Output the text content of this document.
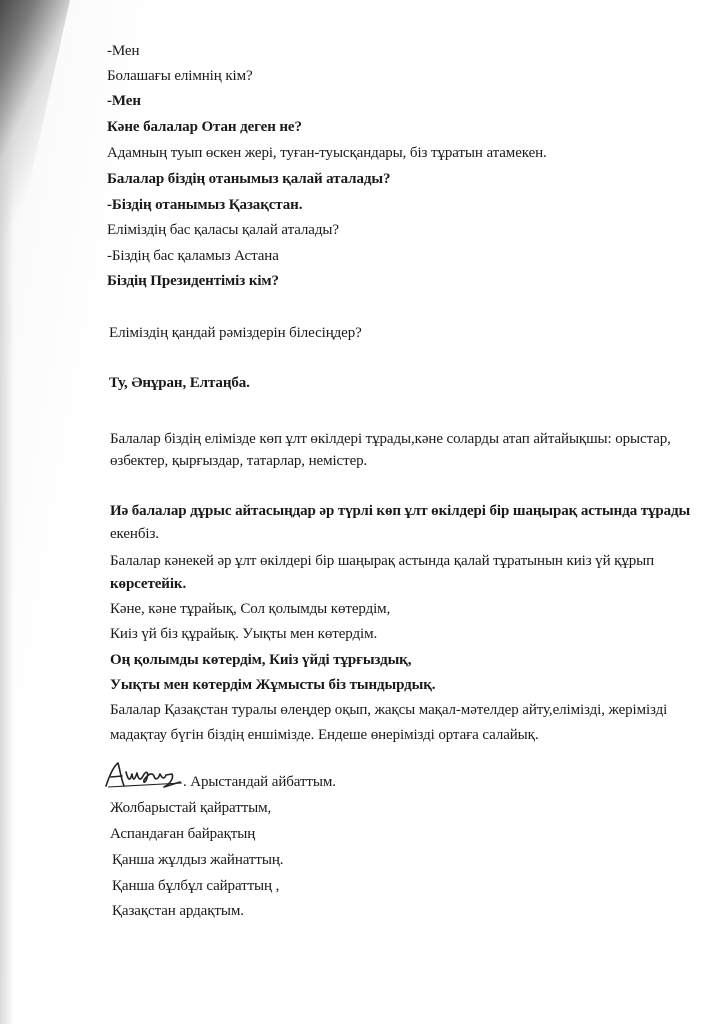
-Мен
Болашағы елімнің кім?
-Мен
Кәне балалар Отан деген не?
Адамның туып өскен жері, туған-туысқандары, біз тұратын атамекен.
Балалар біздің отанымыз қалай аталады?
-Біздің отанымыз Қазақстан.
Еліміздің бас қаласы қалай аталады?
-Біздің бас қаламыз Астана
Біздің Президентіміз кім?
Еліміздің қандай рәміздерін білесіңдер?
Ту, Әнұран, Елтаңба.
Балалар біздің елімізде көп ұлт өкілдері тұрады,кәне соларды атап айтайықшы: орыстар,
өзбектер, қырғыздар, татарлар, немістер.
Иә балалар дұрыс айтасыңдар әр түрлі көп ұлт өкілдері бір шаңырақ астында тұрады
екенбіз.
Балалар кәнекей әр ұлт өкілдері бір шаңырақ астында қалай тұратынын киіз үй құрып
көрсетейік.
Кәне, кәне тұрайық, Сол қолымды көтердім,
Киіз үй біз құрайық. Уықты мен көтердім.
Оң қолымды көтердім, Киіз үйді тұрғыздық,
Уықты мен көтердім Жұмысты біз тындырдық.
Балалар Қазақстан туралы өлеңдер оқып, жақсы мақал-мәтелдер айту,елімізді, жерімізді
мадақтау бүгін біздің еншімізде. Ендеше өнерімізді ортаға салайық.
. Арыстандай айбаттым.
Жолбарыстай қайраттым,
Аспандаған байрақтың
Қанша жұлдыз жайнаттың.
Қанша бұлбұл сайраттың ,
Қазақстан ардақтым.
